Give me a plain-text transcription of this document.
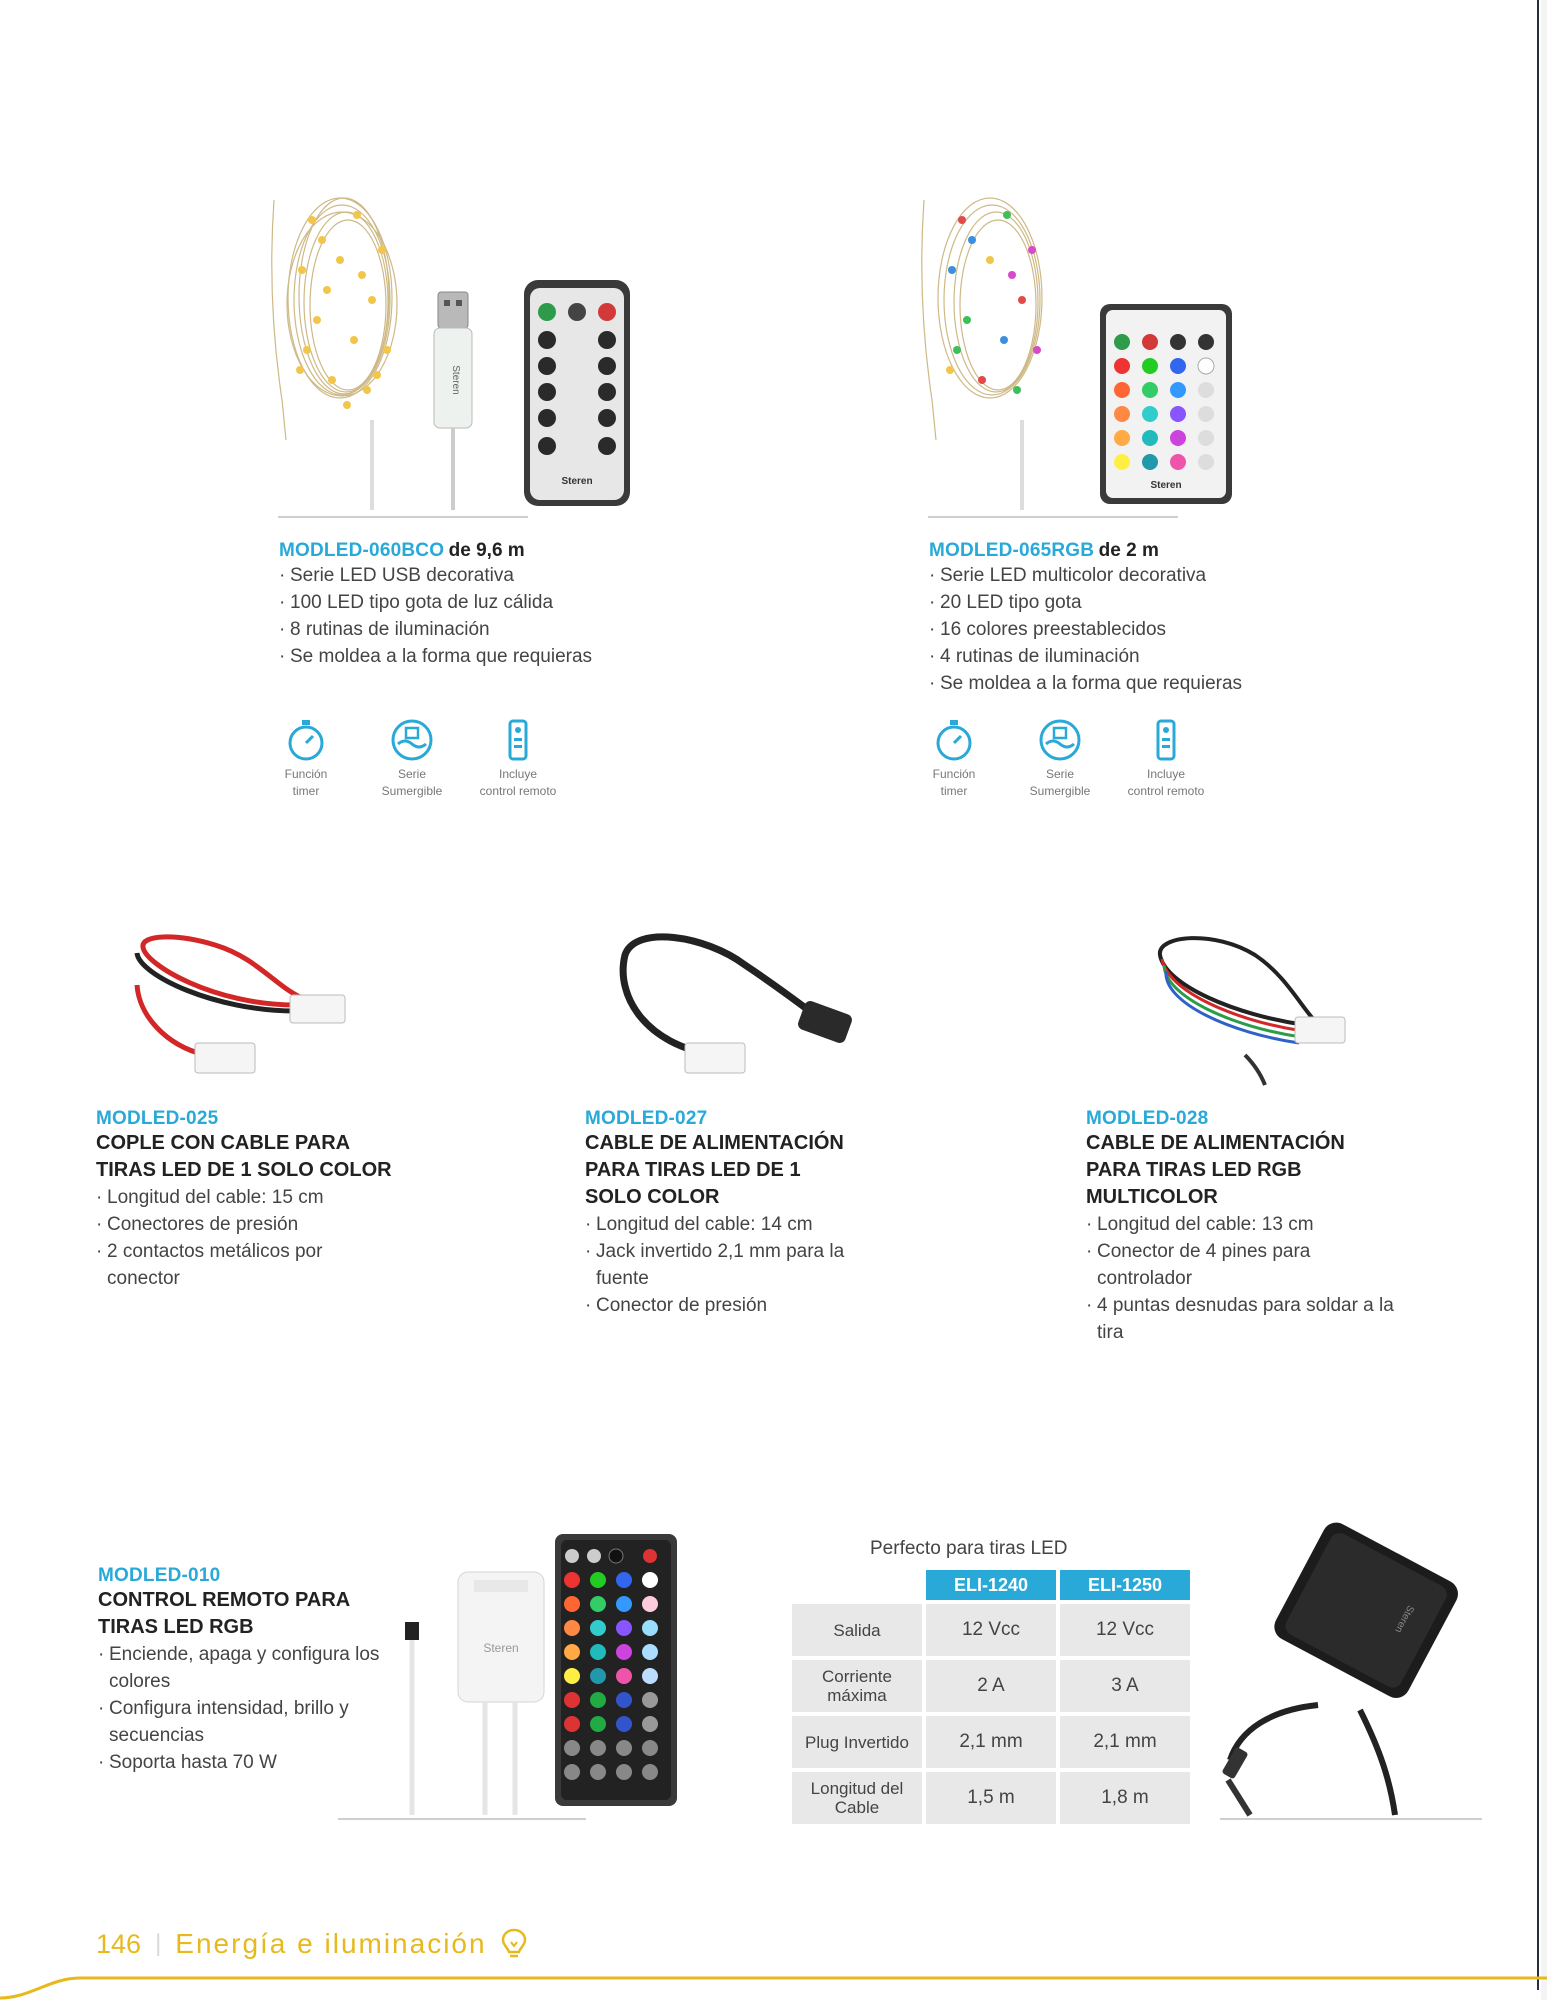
Steren
Steren
MODLED-060BCO de 9,6 m
· Serie LED USB decorativa
· 100 LED tipo gota de luz cálida
· 8 rutinas de iluminación
· Se moldea a la forma que requieras
Función
timer
Serie
Sumergible
Incluye
control remoto
Steren
MODLED-065RGB de 2 m
· Serie LED multicolor decorativa
· 20 LED tipo gota
· 16 colores preestablecidos
· 4 rutinas de iluminación
· Se moldea a la forma que requieras
Función
timer
Serie
Sumergible
Incluye
control remoto
MODLED-025
COPLE CON CABLE PARA
TIRAS LED DE 1 SOLO COLOR
· Longitud del cable: 15 cm
· Conectores de presión
· 2 contactos metálicos por conector
MODLED-027
CABLE DE ALIMENTACIÓN
PARA TIRAS LED DE 1
SOLO COLOR
· Longitud del cable: 14 cm
· Jack invertido 2,1 mm para la fuente
· Conector de presión
MODLED-028
CABLE DE ALIMENTACIÓN
PARA TIRAS LED RGB
MULTICOLOR
· Longitud del cable: 13 cm
· Conector de 4 pines para controlador
· 4 puntas desnudas para soldar a la tira
MODLED-010
CONTROL REMOTO PARA
TIRAS LED RGB
· Enciende, apaga y configura los colores
· Configura intensidad, brillo y secuencias
· Soporta hasta 70 W
Steren
Perfecto para tiras LED
	ELI-1240	ELI-1250
Salida	12 Vcc	12 Vcc
Corriente máxima	2 A	3 A
Plug Invertido	2,1 mm	2,1 mm
Longitud del Cable	1,5 m	1,8 m
Steren
146 | Energía e iluminación
